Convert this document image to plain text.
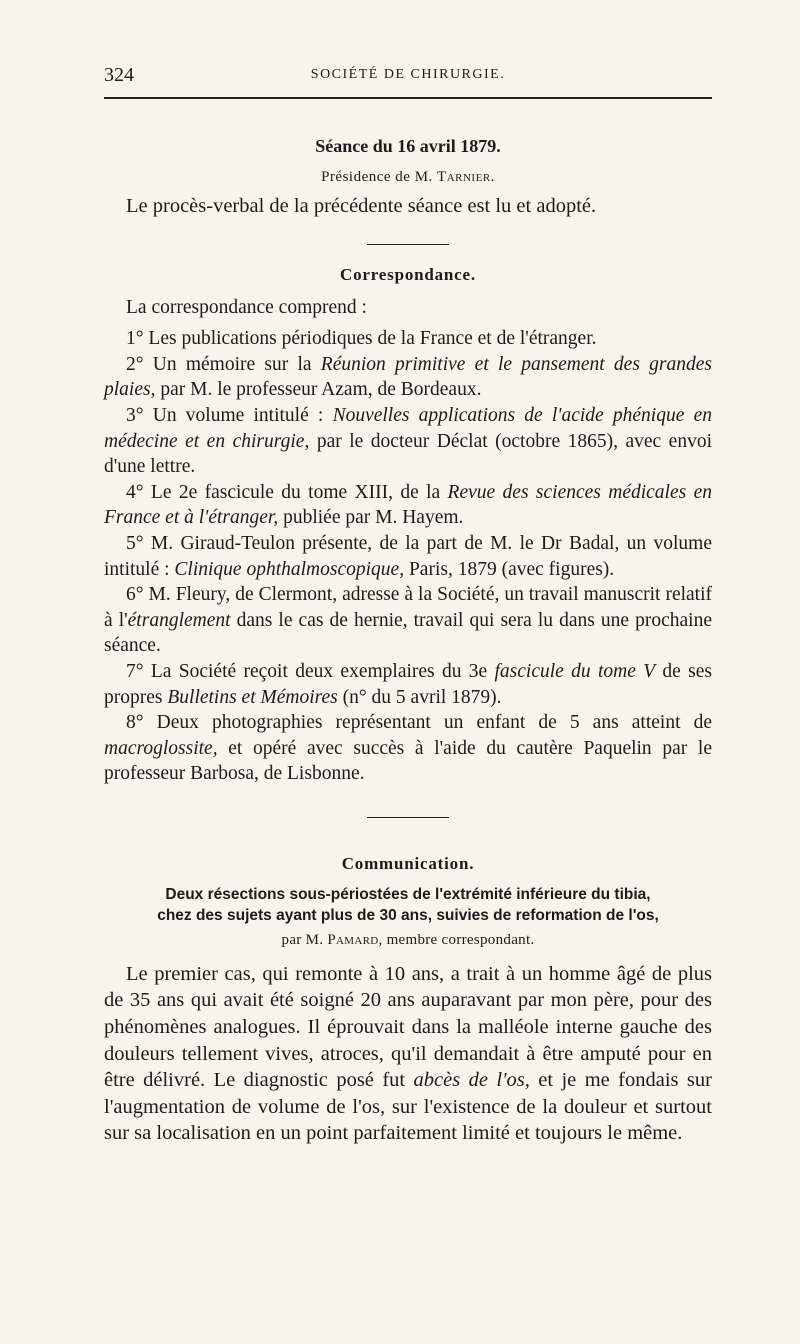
324	SOCIÉTÉ DE CHIRURGIE.
Séance du 16 avril 1879.
Présidence de M. Tarnier.

Le procès-verbal de la précédente séance est lu et adopté.

Correspondance.

La correspondance comprend :

1° Les publications périodiques de la France et de l'étranger.

2° Un mémoire sur la Réunion primitive et le pansement des grandes plaies, par M. le professeur Azam, de Bordeaux.

3° Un volume intitulé : Nouvelles applications de l'acide phénique en médecine et en chirurgie, par le docteur Déclat (octobre 1865), avec envoi d'une lettre.

4° Le 2e fascicule du tome XIII, de la Revue des sciences médicales en France et à l'étranger, publiée par M. Hayem.

5° M. Giraud-Teulon présente, de la part de M. le Dr Badal, un volume intitulé : Clinique ophthalmoscopique, Paris, 1879 (avec figures).

6° M. Fleury, de Clermont, adresse à la Société, un travail manuscrit relatif à l'étranglement dans le cas de hernie, travail qui sera lu dans une prochaine séance.

7° La Société reçoit deux exemplaires du 3e fascicule du tome V de ses propres Bulletins et Mémoires (n° du 5 avril 1879).

8° Deux photographies représentant un enfant de 5 ans atteint de macroglossite, et opéré avec succès à l'aide du cautère Paquelin par le professeur Barbosa, de Lisbonne.

Communication.
Deux résections sous-périostées de l'extrémité inférieure du tibia,
chez des sujets ayant plus de 30 ans, suivies de reformation de l'os,
par M. Pamard, membre correspondant.

Le premier cas, qui remonte à 10 ans, a trait à un homme âgé de plus de 35 ans qui avait été soigné 20 ans auparavant par mon père, pour des phénomènes analogues. Il éprouvait dans la malléole interne gauche des douleurs tellement vives, atroces, qu'il demandait à être amputé pour en être délivré. Le diagnostic posé fut abcès de l'os, et je me fondais sur l'augmentation de volume de l'os, sur l'existence de la douleur et surtout sur sa localisation en un point parfaitement limité et toujours le même.
